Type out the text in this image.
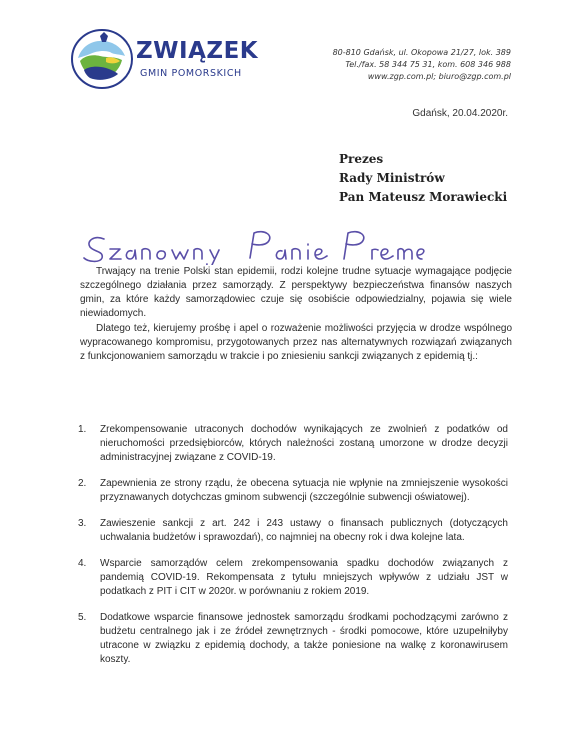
ZWIĄZEK
GMIN POMORSKICH
80-810 Gdańsk, ul. Okopowa 21/27, lok. 389
Tel./fax. 58 344 75 31, kom. 608 346 988
www.zgp.com.pl; biuro@zgp.com.pl
Gdańsk, 20.04.2020r.
Prezes
Rady Ministrów
Pan Mateusz Morawiecki

Trwający na trenie Polski stan epidemii, rodzi kolejne trudne sytuacje wymagające podjęcie szczególnego działania przez samorządy. Z perspektywy bezpieczeństwa finansów naszych gmin, za które każdy samorządowiec czuje się osobiście odpowiedzialny, pojawia się wiele niewiadomych.

Dlatego też, kierujemy prośbę i apel o rozważenie możliwości przyjęcia w drodze wspólnego wypracowanego kompromisu, przygotowanych przez nas alternatywnych rozwiązań związanych z funkcjonowaniem samorządu w trakcie i po zniesieniu sankcji związanych z epidemią tj.:

1. Zrekompensowanie utraconych dochodów wynikających ze zwolnień z podatków od nieruchomości przedsiębiorców, których należności zostaną umorzone w drodze decyzji administracyjnej związane z COVID-19.
2. Zapewnienia ze strony rządu, że obecena sytuacja nie wpłynie na zmniejszenie wysokości przyznawanych dotychczas gminom subwencji (szczególnie subwencji oświatowej).
3. Zawieszenie sankcji z art. 242 i 243 ustawy o finansach publicznych (dotyczących uchwalania budżetów i sprawozdań), co najmniej na obecny rok i dwa kolejne lata.
4. Wsparcie samorządów celem zrekompensowania spadku dochodów związanych z pandemią COVID-19. Rekompensata z tytułu mniejszych wpływów z udziału JST w podatkach z PIT i CIT w 2020r. w porównaniu z rokiem 2019.
5. Dodatkowe wsparcie finansowe jednostek samorządu środkami pochodzącymi zarówno z budżetu centralnego jak i ze źródeł zewnętrznych - środki pomocowe, które uzupełniłyby utracone w związku z epidemią dochody, a także poniesione na walkę z koronawirusem koszty.
